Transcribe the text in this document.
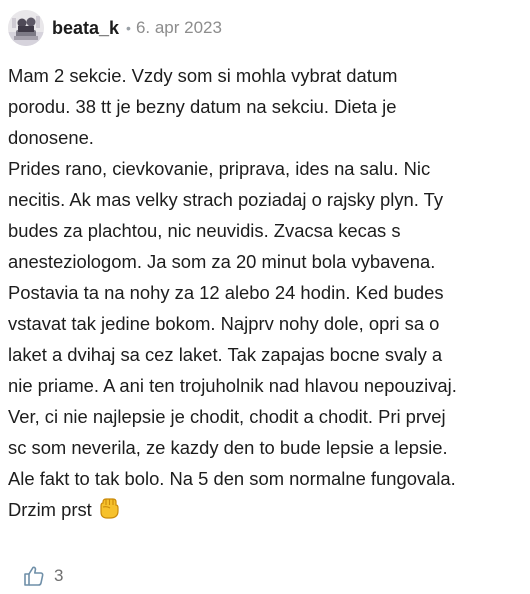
beata_k • 6. apr 2023
Mam 2 sekcie. Vzdy som si mohla vybrat datum
porodu. 38 tt je bezny datum na sekciu. Dieta je
donosene.
Prides rano, cievkovanie, priprava, ides na salu. Nic
necitis. Ak mas velky strach poziadaj o rajsky plyn. Ty
budes za plachtou, nic neuvidis. Zvacsa kecas s
anesteziologom. Ja som za 20 minut bola vybavena.
Postavia ta na nohy za 12 alebo 24 hodin. Ked budes
vstavat tak jedine bokom. Najprv nohy dole, opri sa o
laket a dvihaj sa cez laket. Tak zapajas bocne svaly a
nie priame. A ani ten trojuholnik nad hlavou nepouzivaj.
Ver, ci nie najlepsie je chodit, chodit a chodit. Pri prvej
sc som neverila, ze kazdy den to bude lepsie a lepsie.
Ale fakt to tak bolo. Na 5 den som normalne fungovala.
Drzim prst
3
